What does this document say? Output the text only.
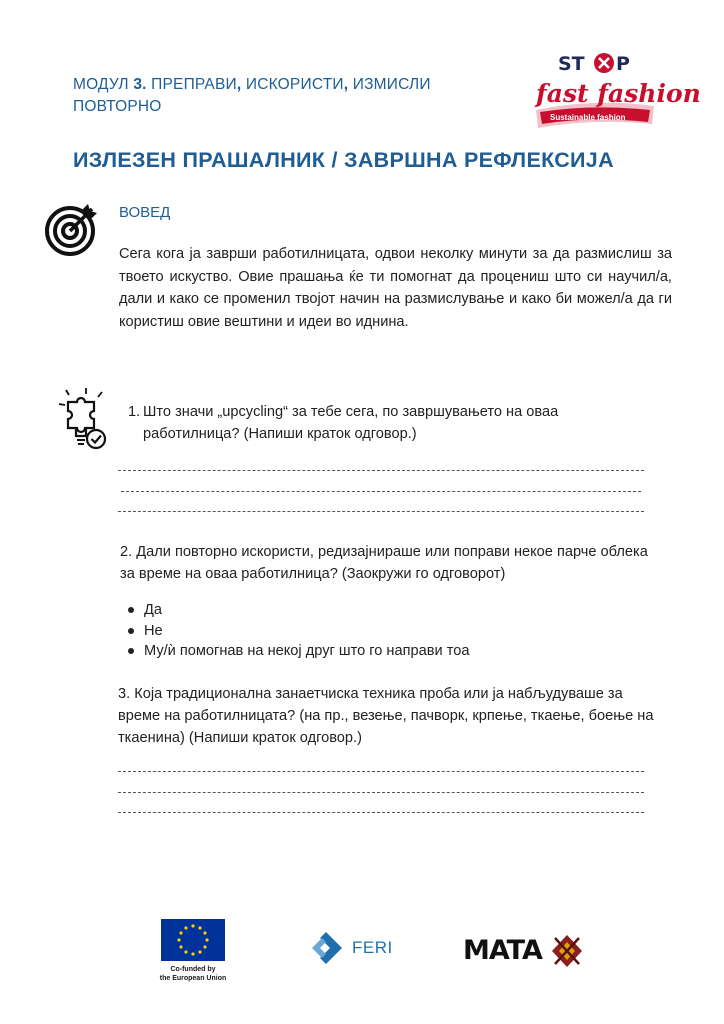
МОДУЛ 3. ПРЕПРАВИ, ИСКОРИСТИ, ИЗМИСЛИ
ПОВТОРНО
ST P
fast fashion
Sustainable fashion
ИЗЛЕЗЕН ПРАШАЛНИК / ЗАВРШНА РЕФЛЕКСИЈА
ВОВЕД
Сега кога ја заврши работилницата, одвои неколку минути за да размислиш за твоето искуство. Овие прашања ќе ти помогнат да процениш што си научил/а, дали и како се променил твојот начин на размислување и како би можел/а да ги користиш овие вештини и идеи во иднина.
1. Што значи „upcycling“ за тебе сега, по завршувањето на оваа работилница? (Напиши краток одговор.)
2. Дали повторно искористи, редизајнираше или поправи некое парче облека за време на оваа работилница? (Заокружи го одговорот)
Да
Не
Му/ѝ помогнав на некој друг што го направи тоа
3. Која традиционална занаетчиска техника проба или ја набљудуваше за време на работилницата? (на пр., везење, пачворк, крпење, ткаење, боење на ткаенина) (Напиши краток одговор.)
Co-funded by
the European Union
FERI	MATA
